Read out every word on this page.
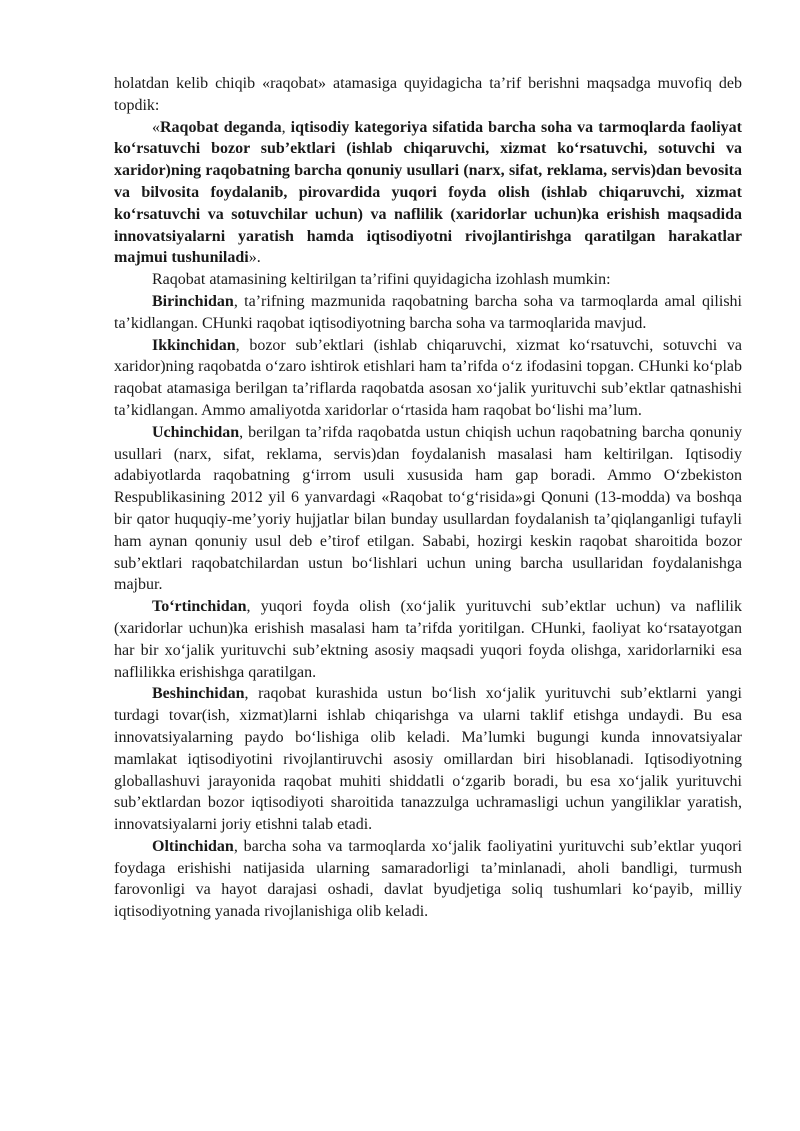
holatdan kelib chiqib «raqobat» atamasiga quyidagicha ta’rif berishni maqsadga muvofiq deb topdik:

«Raqobat deganda, iqtisodiy kategoriya sifatida barcha soha va tarmoqlarda faoliyat ko‘rsatuvchi bozor sub’ektlari (ishlab chiqaruvchi, xizmat ko‘rsatuvchi, sotuvchi va xaridor)ning raqobatning barcha qonuniy usullari (narx, sifat, reklama, servis)dan bevosita va bilvosita foydalanib, pirovardida yuqori foyda olish (ishlab chiqaruvchi, xizmat ko‘rsatuvchi va sotuvchilar uchun) va naflilik (xaridorlar uchun)ka erishish maqsadida innovatsiyalarni yaratish hamda iqtisodiyotni rivojlantirishga qaratilgan harakatlar majmui tushuniladi».

Raqobat atamasining keltirilgan ta’rifini quyidagicha izohlash mumkin:

Birinchidan, ta’rifning mazmunida raqobatning barcha soha va tarmoqlarda amal qilishi ta’kidlangan. CHunki raqobat iqtisodiyotning barcha soha va tarmoqlarida mavjud.

Ikkinchidan, bozor sub’ektlari (ishlab chiqaruvchi, xizmat ko‘rsatuvchi, sotuvchi va xaridor)ning raqobatda o‘zaro ishtirok etishlari ham ta’rifda o‘z ifodasini topgan. CHunki ko‘plab raqobat atamasiga berilgan ta’riflarda raqobatda asosan xo‘jalik yurituvchi sub’ektlar qatnashishi ta’kidlangan. Ammo amaliyotda xaridorlar o‘rtasida ham raqobat bo‘lishi ma’lum.

Uchinchidan, berilgan ta’rifda raqobatda ustun chiqish uchun raqobatning barcha qonuniy usullari (narx, sifat, reklama, servis)dan foydalanish masalasi ham keltirilgan. Iqtisodiy adabiyotlarda raqobatning g‘irrom usuli xususida ham gap boradi. Ammo O‘zbekiston Respublikasining 2012 yil 6 yanvardagi «Raqobat to‘g‘risida»gi Qonuni (13-modda) va boshqa bir qator huquqiy-me’yoriy hujjatlar bilan bunday usullardan foydalanish ta’qiqlanganligi tufayli ham aynan qonuniy usul deb e’tirof etilgan. Sababi, hozirgi keskin raqobat sharoitida bozor sub’ektlari raqobatchilardan ustun bo‘lishlari uchun uning barcha usullaridan foydalanishga majbur.

To‘rtinchidan, yuqori foyda olish (xo‘jalik yurituvchi sub’ektlar uchun) va naflilik (xaridorlar uchun)ka erishish masalasi ham ta’rifda yoritilgan. CHunki, faoliyat ko‘rsatayotgan har bir xo‘jalik yurituvchi sub’ektning asosiy maqsadi yuqori foyda olishga, xaridorlarniki esa naflilikka erishishga qaratilgan.

Beshinchidan, raqobat kurashida ustun bo‘lish xo‘jalik yurituvchi sub’ektlarni yangi turdagi tovar(ish, xizmat)larni ishlab chiqarishga va ularni taklif etishga undaydi. Bu esa innovatsiyalarning paydo bo‘lishiga olib keladi. Ma’lumki bugungi kunda innovatsiyalar mamlakat iqtisodiyotini rivojlantiruvchi asosiy omillardan biri hisoblanadi. Iqtisodiyotning globallashuvi jarayonida raqobat muhiti shiddatli o‘zgarib boradi, bu esa xo‘jalik yurituvchi sub’ektlardan bozor iqtisodiyoti sharoitida tanazzulga uchramasligi uchun yangiliklar yaratish, innovatsiyalarni joriy etishni talab etadi.

Oltinchidan, barcha soha va tarmoqlarda xo‘jalik faoliyatini yurituvchi sub’ektlar yuqori foydaga erishishi natijasida ularning samaradorligi ta’minlanadi, aholi bandligi, turmush farovonligi va hayot darajasi oshadi, davlat byudjetiga soliq tushumlari ko‘payib, milliy iqtisodiyotning yanada rivojlanishiga olib keladi.
